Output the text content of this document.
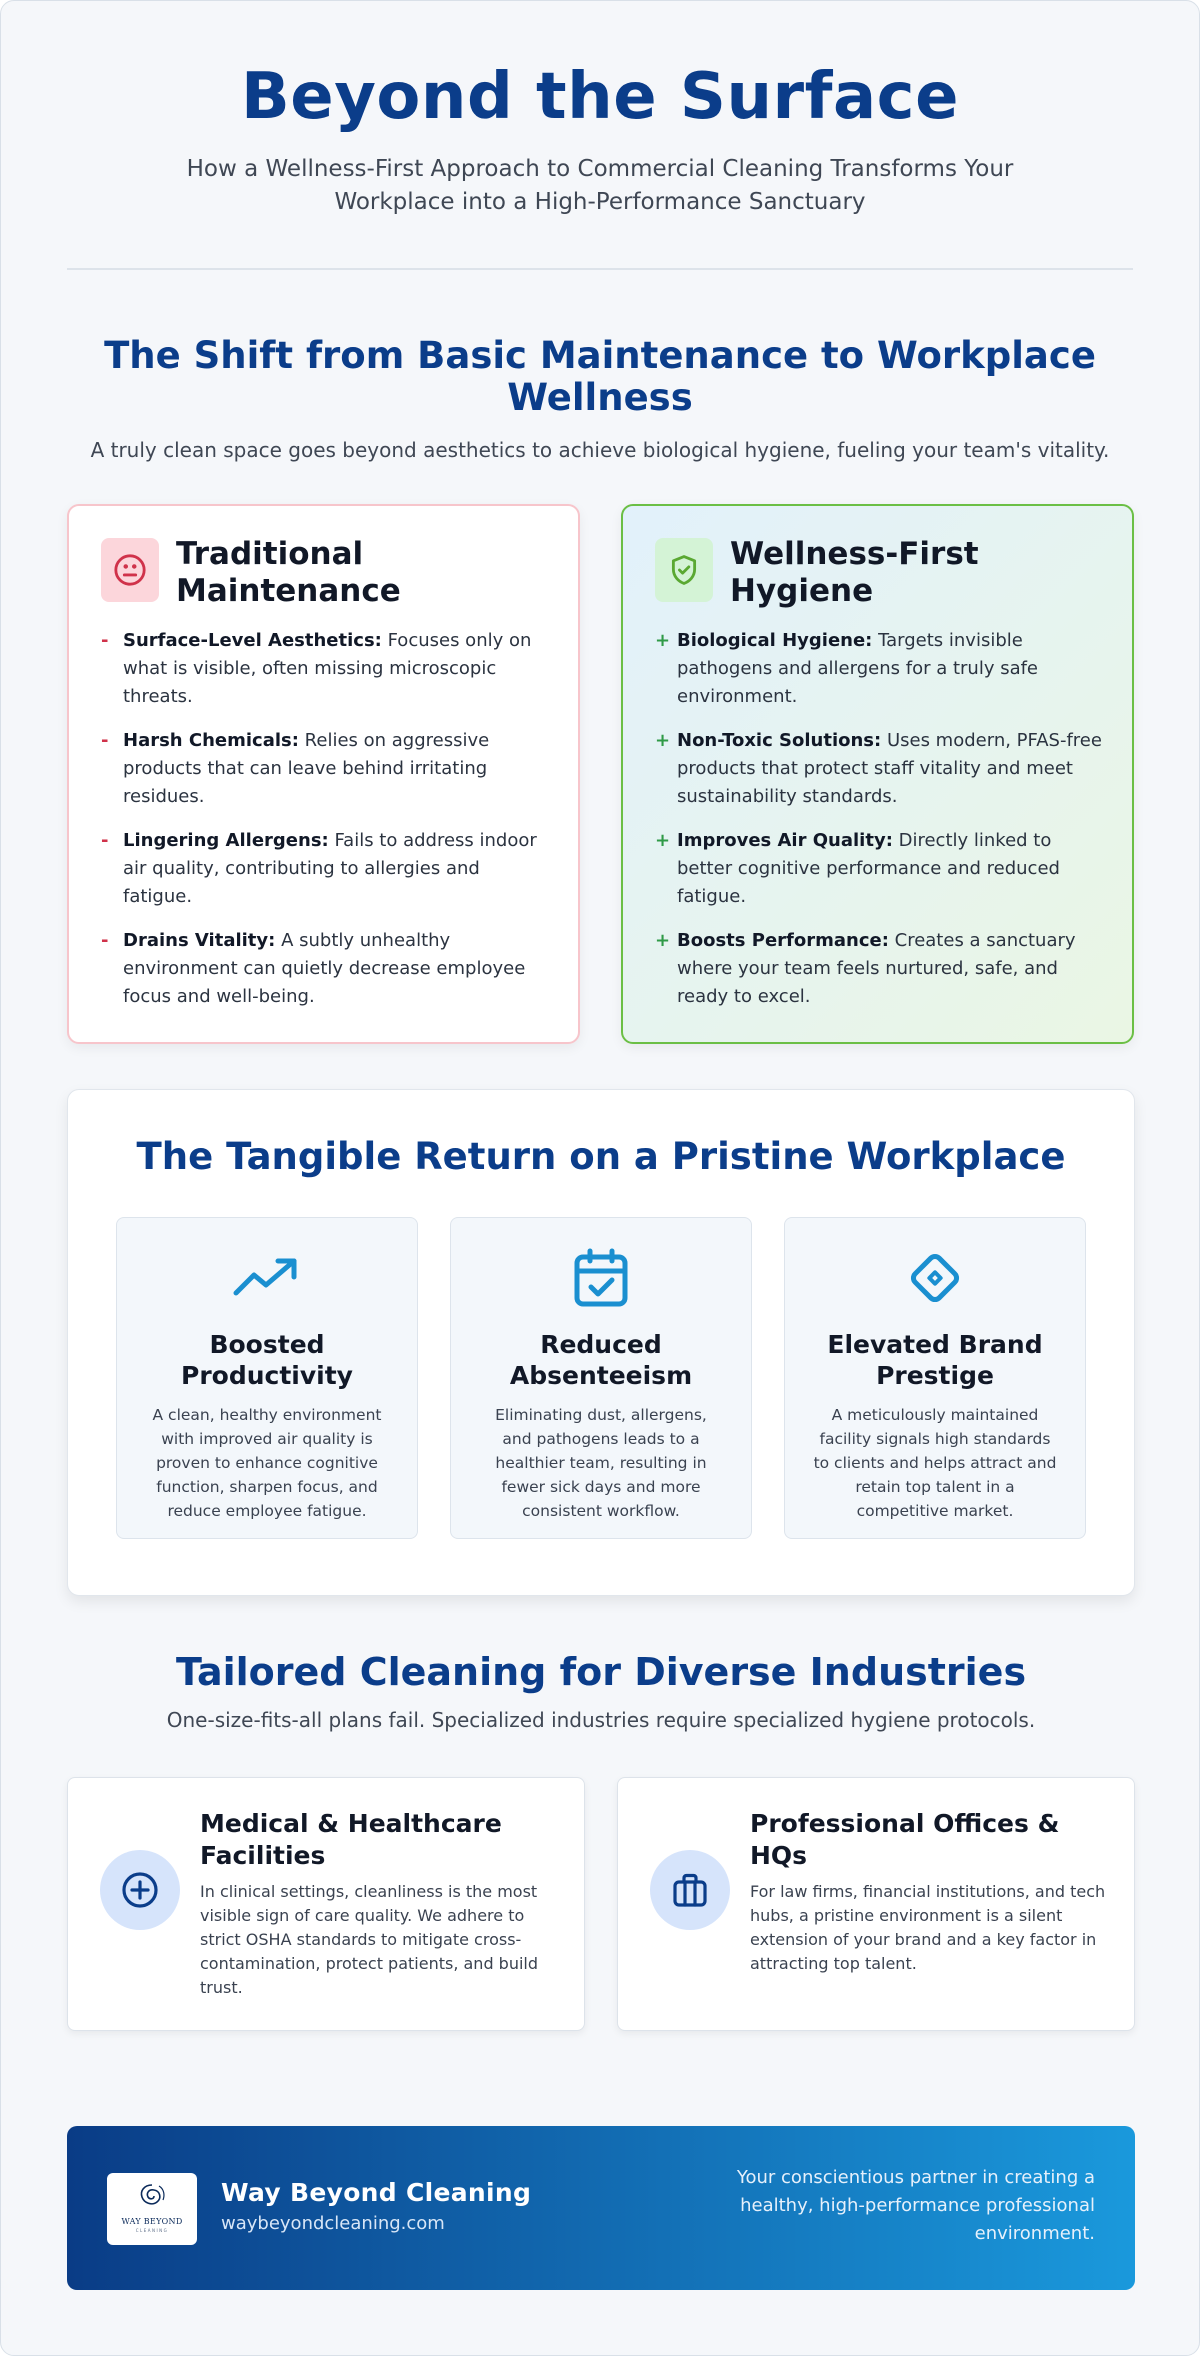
Beyond the Surface

How a Wellness-First Approach to Commercial Cleaning Transforms Your Workplace into a High-Performance Sanctuary

The Shift from Basic Maintenance to Workplace Wellness

A truly clean space goes beyond aesthetics to achieve biological hygiene, fueling your team's vitality.

Traditional Maintenance
- Surface-Level Aesthetics: Focuses only on what is visible, often missing microscopic threats.
- Harsh Chemicals: Relies on aggressive products that can leave behind irritating residues.
- Lingering Allergens: Fails to address indoor air quality, contributing to allergies and fatigue.
- Drains Vitality: A subtly unhealthy environment can quietly decrease employee focus and well-being.
Wellness-First Hygiene
+ Biological Hygiene: Targets invisible pathogens and allergens for a truly safe environment.
+ Non-Toxic Solutions: Uses modern, PFAS-free products that protect staff vitality and meet sustainability standards.
+ Improves Air Quality: Directly linked to better cognitive performance and reduced fatigue.
+ Boosts Performance: Creates a sanctuary where your team feels nurtured, safe, and ready to excel.
The Tangible Return on a Pristine Workplace
Boosted Productivity

A clean, healthy environment with improved air quality is proven to enhance cognitive function, sharpen focus, and reduce employee fatigue.

Reduced Absenteeism

Eliminating dust, allergens, and pathogens leads to a healthier team, resulting in fewer sick days and more consistent workflow.

Elevated Brand Prestige

A meticulously maintained facility signals high standards to clients and helps attract and retain top talent in a competitive market.

Tailored Cleaning for Diverse Industries

One-size-fits-all plans fail. Specialized industries require specialized hygiene protocols.

Medical & Healthcare Facilities

In clinical settings, cleanliness is the most visible sign of care quality. We adhere to strict OSHA standards to mitigate cross-contamination, protect patients, and build trust.

Professional Offices & HQs

For law firms, financial institutions, and tech hubs, a pristine environment is a silent extension of your brand and a key factor in attracting top talent.

WAY BEYOND
CLEANING
Way Beyond Cleaning
waybeyondcleaning.com

Your conscientious partner in creating a healthy, high-performance professional environment.
